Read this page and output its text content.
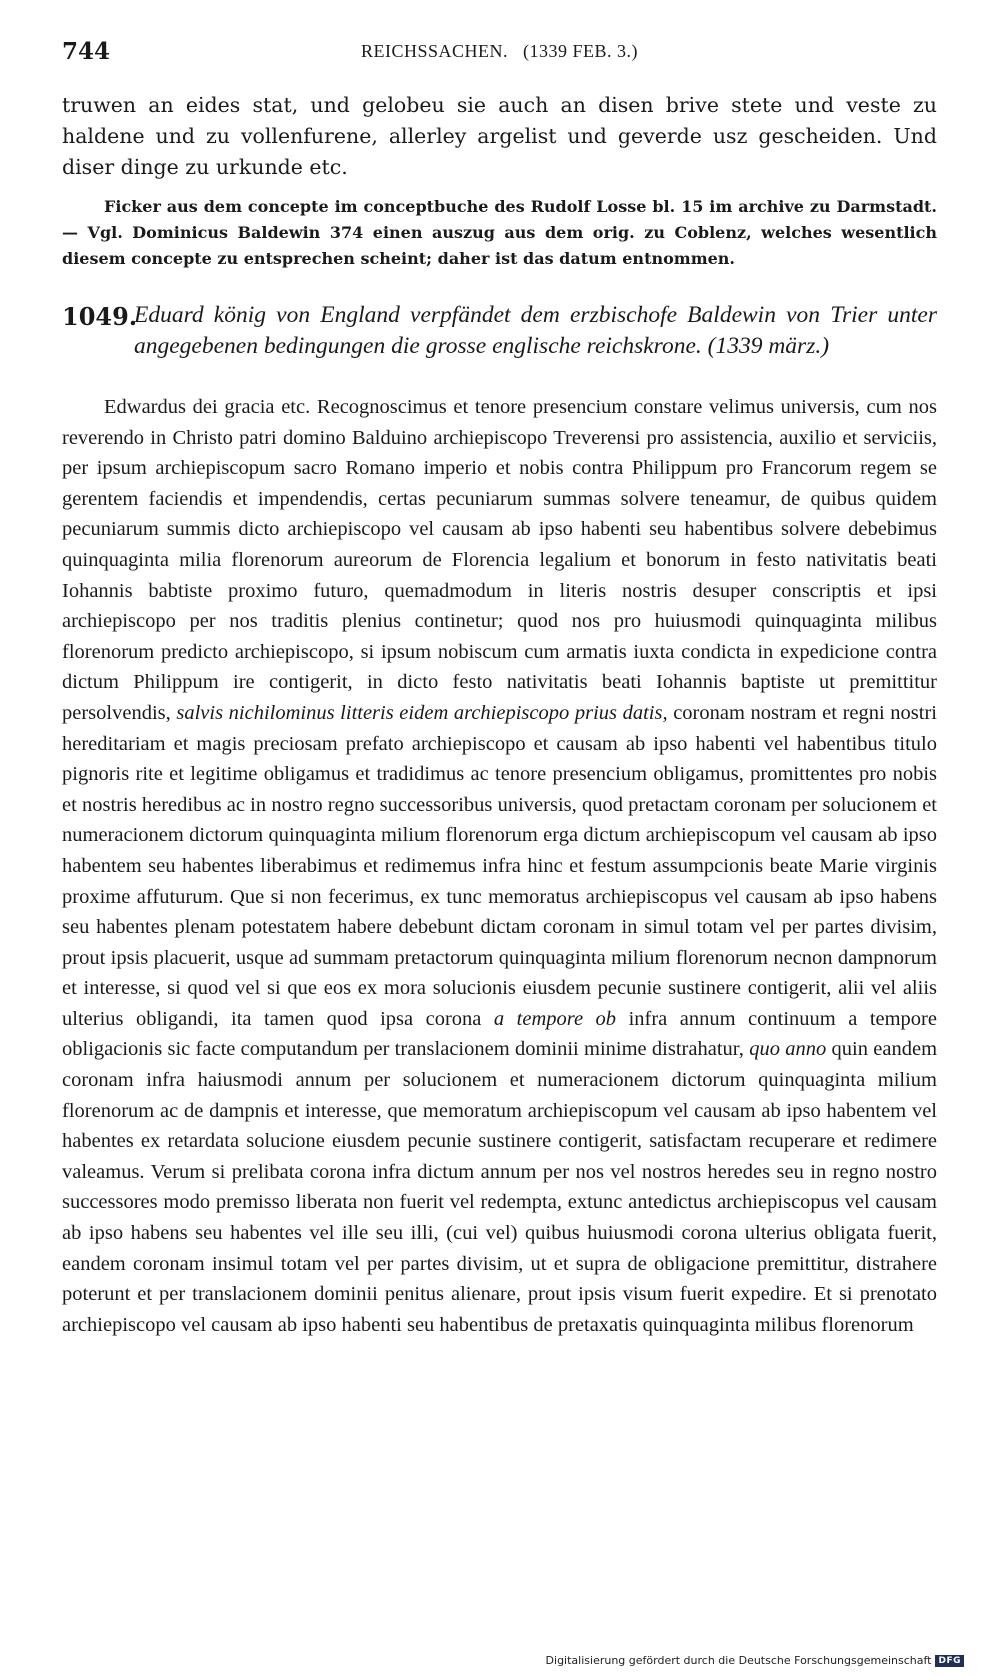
744	REICHSSACHEN.   (1339 FEB. 3.)
truwen an eides stat, und gelobeu sie auch an disen brive stete und veste zu haldene und zu vollenfurene, allerley argelist und geverde usz gescheiden. Und diser dinge zu urkunde etc.

Ficker aus dem concepte im conceptbuche des Rudolf Losse bl. 15 im archive zu Darmstadt. — Vgl. Dominicus Baldewin 374 einen auszug aus dem orig. zu Coblenz, welches wesentlich diesem concepte zu entsprechen scheint; daher ist das datum entnommen.

1049.
Eduard könig von England verpfändet dem erzbischofe Baldewin von Trier unter angegebenen bedingungen die grosse englische reichskrone. (1339 märz.)

Edwardus dei gracia etc. Recognoscimus et tenore presencium constare velimus universis, cum nos reverendo in Christo patri domino Balduino archiepiscopo Treverensi pro assistencia, auxilio et serviciis, per ipsum archiepiscopum sacro Romano imperio et nobis contra Philippum pro Francorum regem se gerentem faciendis et impendendis, certas pecuniarum summas solvere teneamur, de quibus quidem pecuniarum summis dicto archiepiscopo vel causam ab ipso habenti seu habentibus solvere debebimus quinquaginta milia florenorum aureorum de Florencia legalium et bonorum in festo nativitatis beati Iohannis babtiste proximo futuro, quemadmodum in literis nostris desuper conscriptis et ipsi archiepiscopo per nos traditis plenius continetur; quod nos pro huiusmodi quinquaginta milibus florenorum predicto archiepiscopo, si ipsum nobiscum cum armatis iuxta condicta in expedicione contra dictum Philippum ire contigerit, in dicto festo nativitatis beati Iohannis baptiste ut premittitur persolvendis, salvis nichilominus litteris eidem archiepiscopo prius datis, coronam nostram et regni nostri hereditariam et magis preciosam prefato archiepiscopo et causam ab ipso habenti vel habentibus titulo pignoris rite et legitime obligamus et tradidimus ac tenore presencium obligamus, promittentes pro nobis et nostris heredibus ac in nostro regno successoribus universis, quod pretactam coronam per solucionem et numeracionem dictorum quinquaginta milium florenorum erga dictum archiepiscopum vel causam ab ipso habentem seu habentes liberabimus et redimemus infra hinc et festum assumpcionis beate Marie virginis proxime affuturum. Que si non fecerimus, ex tunc memoratus archiepiscopus vel causam ab ipso habens seu habentes plenam potestatem habere debebunt dictam coronam in simul totam vel per partes divisim, prout ipsis placuerit, usque ad summam pretactorum quinquaginta milium florenorum necnon dampnorum et interesse, si quod vel si que eos ex mora solucionis eiusdem pecunie sustinere contigerit, alii vel aliis ulterius obligandi, ita tamen quod ipsa corona a tempore ob infra annum continuum a tempore obligacionis sic facte computandum per translacionem dominii minime distrahatur, quo anno quin eandem coronam infra haiusmodi annum per solucionem et numeracionem dictorum quinquaginta milium florenorum ac de dampnis et interesse, que memoratum archiepiscopum vel causam ab ipso habentem vel habentes ex retardata solucione eiusdem pecunie sustinere contigerit, satisfactam recuperare et redimere valeamus. Verum si prelibata corona infra dictum annum per nos vel nostros heredes seu in regno nostro successores modo premisso liberata non fuerit vel redempta, extunc antedictus archiepiscopus vel causam ab ipso habens seu habentes vel ille seu illi, (cui vel) quibus huiusmodi corona ulterius obligata fuerit, eandem coronam insimul totam vel per partes divisim, ut et supra de obligacione premittitur, distrahere poterunt et per translacionem dominii penitus alienare, prout ipsis visum fuerit expedire. Et si prenotato archiepiscopo vel causam ab ipso habenti seu habentibus de pretaxatis quinquaginta milibus florenorum

Digitalisierung gefördert durch die Deutsche Forschungsgemeinschaft DFG
